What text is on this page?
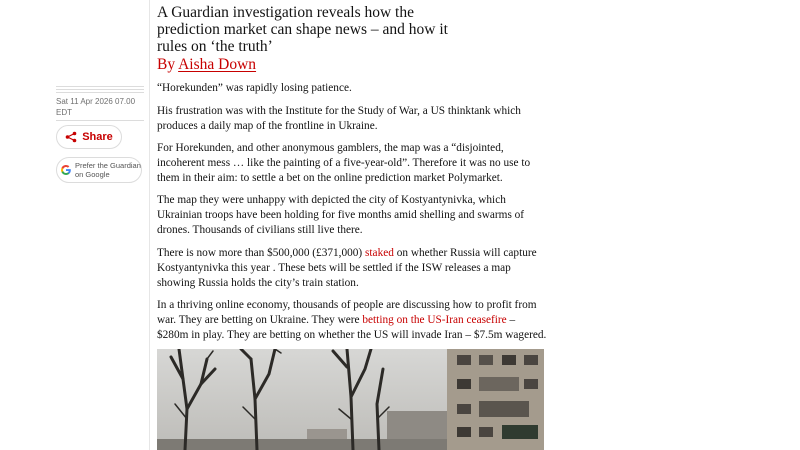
Sat 11 Apr 2026 07.00 EDT
Share
Prefer the Guardian
on Google
A Guardian investigation reveals how the prediction market can shape news – and how it rules on ‘the truth’
By Aisha Down

“Horekunden” was rapidly losing patience.

His frustration was with the Institute for the Study of War, a US thinktank which produces a daily map of the frontline in Ukraine.

For Horekunden, and other anonymous gamblers, the map was a “disjointed, incoherent mess … like the painting of a five-year-old”. Therefore it was no use to them in their aim: to settle a bet on the online prediction market Polymarket.

The map they were unhappy with depicted the city of Kostyantynivka, which Ukrainian troops have been holding for five months amid shelling and swarms of drones. Thousands of civilians still live there.

There is now more than $500,000 (£371,000) staked on whether Russia will capture Kostyantynivka this year . These bets will be settled if the ISW releases a map showing Russia holds the city’s train station.

In a thriving online economy, thousands of people are discussing how to profit from war. They are betting on Ukraine. They were betting on the US-Iran ceasefire – $280m in play. They are betting on whether the US will invade Iran – $7.5m wagered.
